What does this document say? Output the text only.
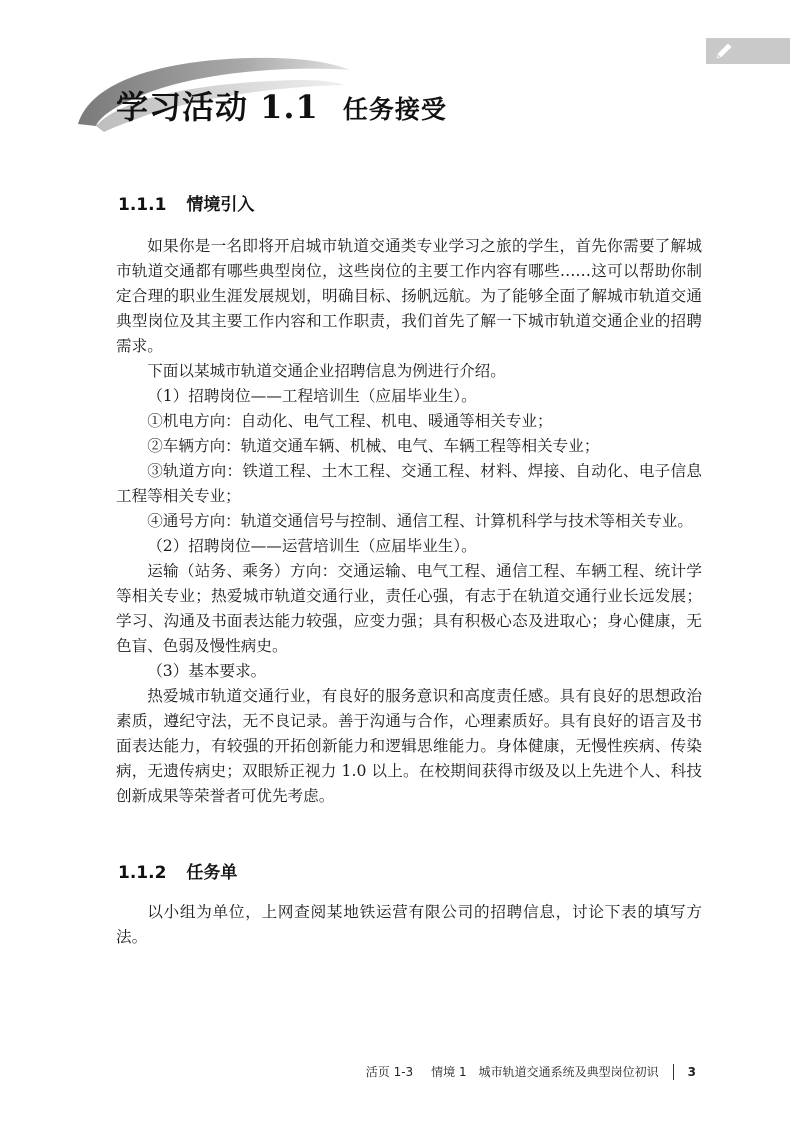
学习活动 1.1 任务接受
1.1.1 情境引入

如果你是一名即将开启城市轨道交通类专业学习之旅的学生，首先你需要了解城市轨道交通都有哪些典型岗位，这些岗位的主要工作内容有哪些……这可以帮助你制定合理的职业生涯发展规划，明确目标、扬帆远航。为了能够全面了解城市轨道交通典型岗位及其主要工作内容和工作职责，我们首先了解一下城市轨道交通企业的招聘需求。

下面以某城市轨道交通企业招聘信息为例进行介绍。

（1）招聘岗位——工程培训生（应届毕业生）。

①机电方向：自动化、电气工程、机电、暖通等相关专业；

②车辆方向：轨道交通车辆、机械、电气、车辆工程等相关专业；

③轨道方向：铁道工程、土木工程、交通工程、材料、焊接、自动化、电子信息工程等相关专业；

④通号方向：轨道交通信号与控制、通信工程、计算机科学与技术等相关专业。

（2）招聘岗位——运营培训生（应届毕业生）。

运输（站务、乘务）方向：交通运输、电气工程、通信工程、车辆工程、统计学等相关专业；热爱城市轨道交通行业，责任心强，有志于在轨道交通行业长远发展；学习、沟通及书面表达能力较强，应变力强；具有积极心态及进取心；身心健康，无色盲、色弱及慢性病史。

（3）基本要求。

热爱城市轨道交通行业，有良好的服务意识和高度责任感。具有良好的思想政治素质，遵纪守法，无不良记录。善于沟通与合作，心理素质好。具有良好的语言及书面表达能力，有较强的开拓创新能力和逻辑思维能力。身体健康，无慢性疾病、传染病，无遗传病史；双眼矫正视力 1.0 以上。在校期间获得市级及以上先进个人、科技创新成果等荣誉者可优先考虑。

1.1.2 任务单

以小组为单位，上网查阅某地铁运营有限公司的招聘信息，讨论下表的填写方法。

活页 1-3 情境 1 城市轨道交通系统及典型岗位初识 3
